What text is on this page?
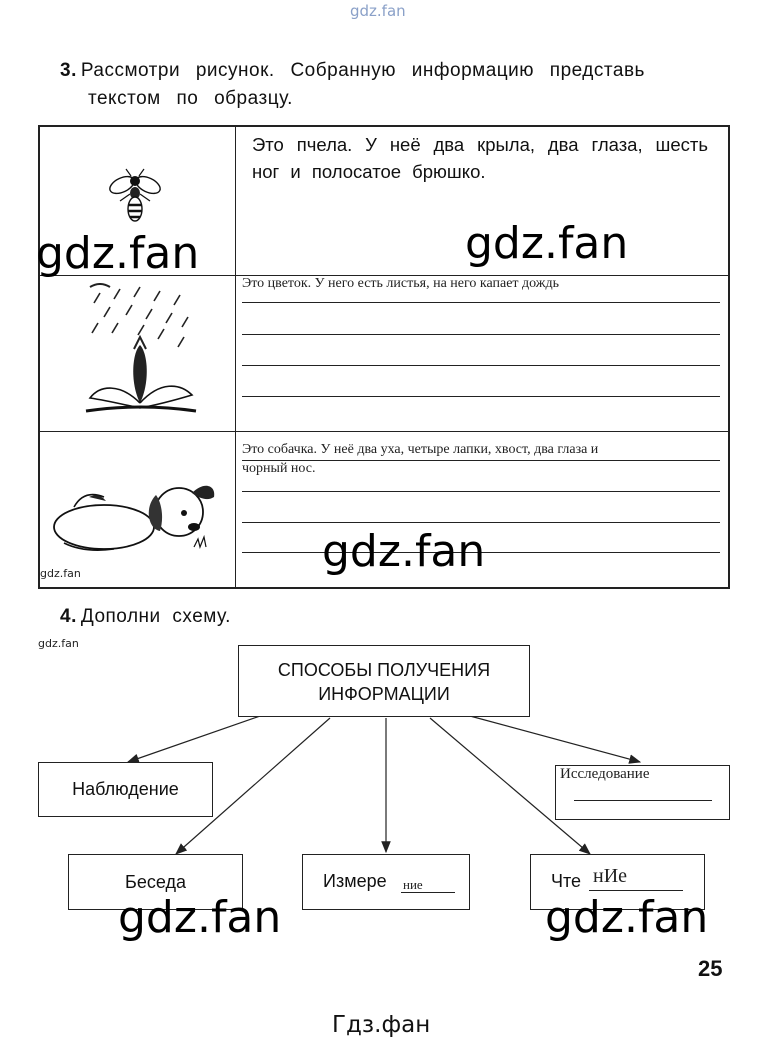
gdz.fan
3. Рассмотри рисунок. Собранную информацию представь
текстом по образцу.
Это пчела. У неё два крыла, два глаза, шесть ног и полосатое брюшко.
Это цветок. У него есть листья, на него капает дождь
gdz.fan
Это собачка. У неё два уха, четыре лапки, хвост, два глаза и
чорный нос.
gdz.fan	gdz.fan
gdz.fan
4. Дополни схему.
gdz.fan
СПОСОБЫ ПОЛУЧЕНИЯ
ИНФОРМАЦИИ
Наблюдение
Исследование
Беседа	Измере ние	Чте нИе
gdz.fan	gdz.fan
25
Гдз.фан
